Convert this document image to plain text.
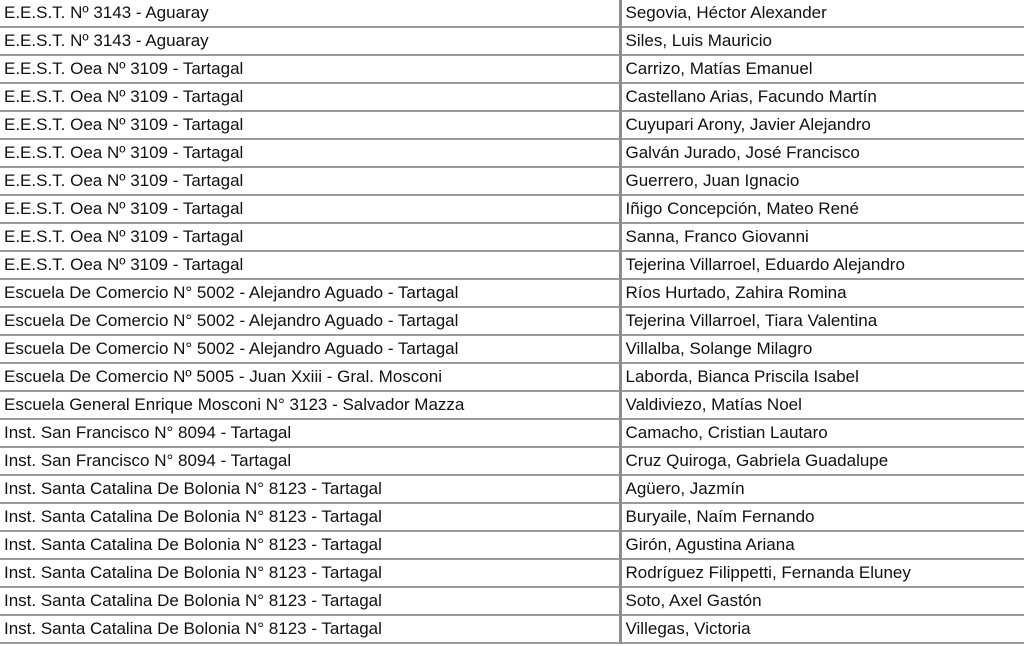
E.E.S.T. Nº 3143 - Aguaray	Segovia, Héctor Alexander
E.E.S.T. Nº 3143 - Aguaray	Siles, Luis Mauricio
E.E.S.T. Oea Nº 3109 - Tartagal	Carrizo, Matías Emanuel
E.E.S.T. Oea Nº 3109 - Tartagal	Castellano Arias, Facundo Martín
E.E.S.T. Oea Nº 3109 - Tartagal	Cuyupari Arony, Javier Alejandro
E.E.S.T. Oea Nº 3109 - Tartagal	Galván Jurado, José Francisco
E.E.S.T. Oea Nº 3109 - Tartagal	Guerrero, Juan Ignacio
E.E.S.T. Oea Nº 3109 - Tartagal	Iñigo Concepción, Mateo René
E.E.S.T. Oea Nº 3109 - Tartagal	Sanna, Franco Giovanni
E.E.S.T. Oea Nº 3109 - Tartagal	Tejerina Villarroel, Eduardo Alejandro
Escuela De Comercio N° 5002 - Alejandro Aguado - Tartagal	Ríos Hurtado, Zahira Romina
Escuela De Comercio N° 5002 - Alejandro Aguado - Tartagal	Tejerina Villarroel, Tiara Valentina
Escuela De Comercio N° 5002 - Alejandro Aguado - Tartagal	Villalba, Solange Milagro
Escuela De Comercio Nº 5005 - Juan Xxiii - Gral. Mosconi	Laborda, Bianca Priscila Isabel
Escuela General Enrique Mosconi N° 3123 - Salvador Mazza	Valdiviezo, Matías Noel
Inst. San Francisco N° 8094 - Tartagal	Camacho, Cristian Lautaro
Inst. San Francisco N° 8094 - Tartagal	Cruz Quiroga, Gabriela Guadalupe
Inst. Santa Catalina De Bolonia N° 8123 - Tartagal	Agüero, Jazmín
Inst. Santa Catalina De Bolonia N° 8123 - Tartagal	Buryaile, Naím Fernando
Inst. Santa Catalina De Bolonia N° 8123 - Tartagal	Girón, Agustina Ariana
Inst. Santa Catalina De Bolonia N° 8123 - Tartagal	Rodríguez Filippetti, Fernanda Eluney
Inst. Santa Catalina De Bolonia N° 8123 - Tartagal	Soto, Axel Gastón
Inst. Santa Catalina De Bolonia N° 8123 - Tartagal	Villegas, Victoria
